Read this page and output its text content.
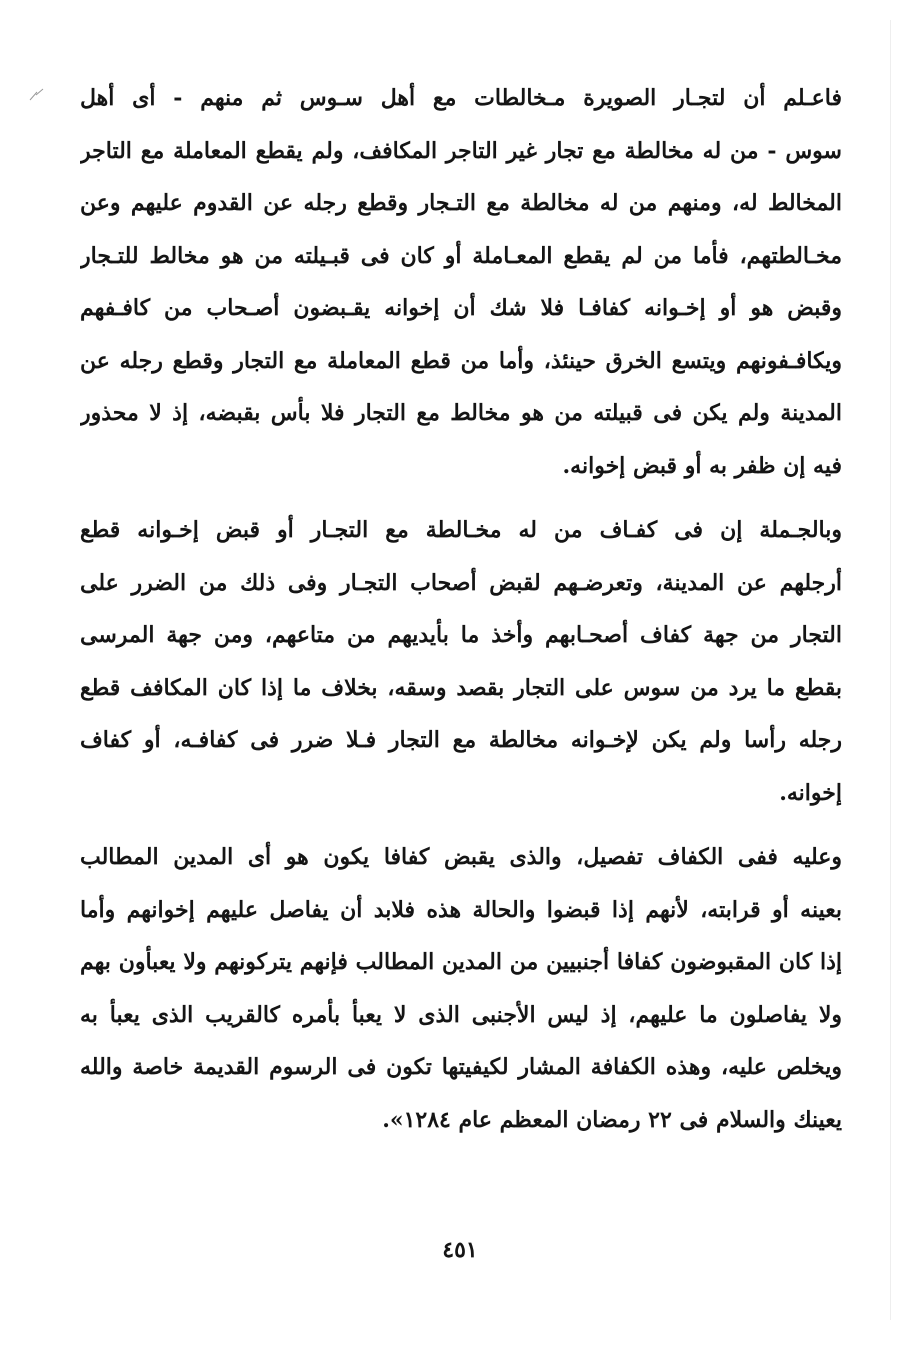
فاعـلم أن لتجـار الصويرة مـخالطات مع أهل سـوس ثم منهم - أى أهل
سوس - من له مخالطة مع تجار غير التاجر المكافف، ولم يقطع المعاملة مع التاجر
المخالط له، ومنهم من له مخالطة مع التـجار وقطع رجله عن القدوم عليهم وعن
مخـالطتهم، فأما من لم يقطع المعـاملة أو كان فى قبـيلته من هو مخالط للتـجار
وقبض هو أو إخـوانه كفافـا فلا شك أن إخوانه يقـبضون أصـحاب من كافـفهم
ويكافـفونهم ويتسع الخرق حينئذ، وأما من قطع المعاملة مع التجار وقطع رجله عن
المدينة ولم يكن فى قبيلته من هو مخالط مع التجار فلا بأس بقبضه، إذ لا محذور
فيه إن ظفر به أو قبض إخوانه.
وبالجـملة إن فى كفـاف من له مخـالطة مع التجـار أو قبض إخـوانه قطع
أرجلهم عن المدينة، وتعرضـهم لقبض أصحاب التجـار وفى ذلك من الضرر على
التجار من جهة كفاف أصحـابهم وأخذ ما بأيديهم من متاعهم، ومن جهة المرسى
بقطع ما يرد من سوس على التجار بقصد وسقه، بخلاف ما إذا كان المكافف قطع
رجله رأسا ولم يكن لإخـوانه مخالطة مع التجار فـلا ضرر فى كفافـه، أو كفاف
إخوانه.
وعليه ففى الكفاف تفصيل، والذى يقبض كفافا يكون هو أى المدين المطالب
بعينه أو قرابته، لأنهم إذا قبضوا والحالة هذه فلابد أن يفاصل عليهم إخوانهم وأما
إذا كان المقبوضون كفافا أجنبيين من المدين المطالب فإنهم يتركونهم ولا يعبأون بهم
ولا يفاصلون ما عليهم، إذ ليس الأجنبى الذى لا يعبأ بأمره كالقريب الذى يعبأ به
ويخلص عليه، وهذه الكفافة المشار لكيفيتها تكون فى الرسوم القديمة خاصة والله
يعينك والسلام فى ٢٢ رمضان المعظم عام ١٢٨٤».
٤٥١
